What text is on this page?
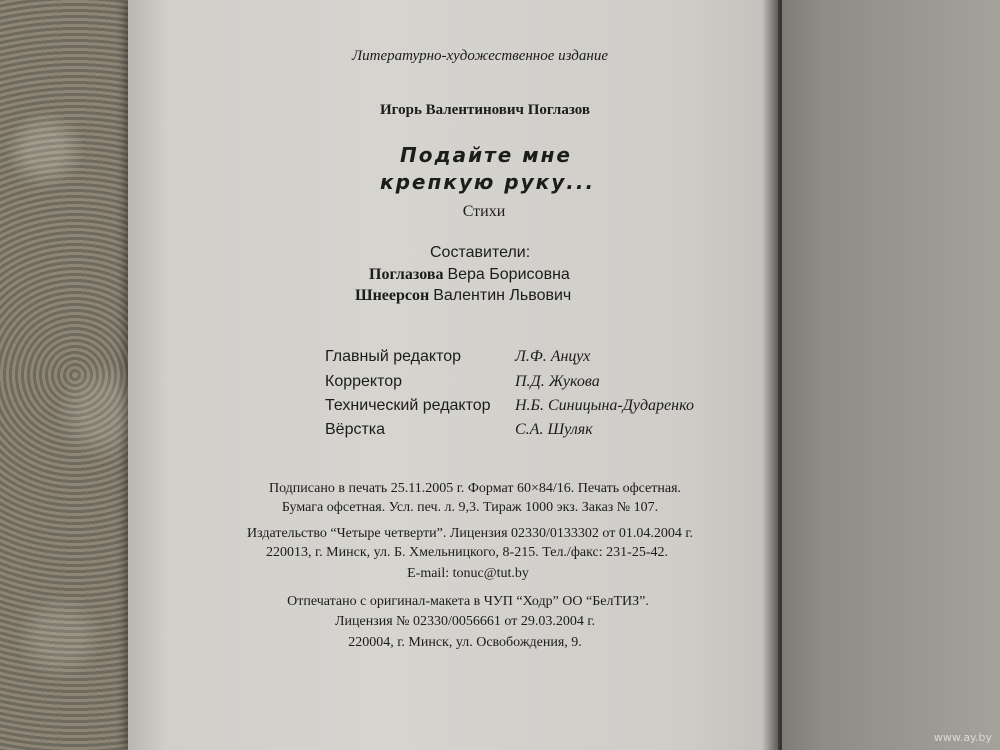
Литературно-художественное издание
Игорь Валентинович Поглазов
Подайте мне
крепкую руку...
Стихи
Составители:
Поглазова Вера Борисовна
Шнеерсон Валентин Львович
Главный редактор	Л.Ф. Анцух
Корректор	П.Д. Жукова
Технический редактор Н.Б. Синицына-Дударенко
Вёрстка	С.А. Шуляк
Подписано в печать 25.11.2005 г. Формат 60×84/16. Печать офсетная.
Бумага офсетная. Усл. печ. л. 9,3. Тираж 1000 экз. Заказ № 107.
Издательство “Четыре четверти”. Лицензия 02330/0133302 от 01.04.2004 г.
220013, г. Минск, ул. Б. Хмельницкого, 8-215. Тел./факс: 231-25-42.
E-mail: tonuc@tut.by
Отпечатано с оригинал-макета в ЧУП “Ходр” ОО “БелТИЗ”.
Лицензия № 02330/0056661 от 29.03.2004 г.
220004, г. Минск, ул. Освобождения, 9.
www.ay.by
